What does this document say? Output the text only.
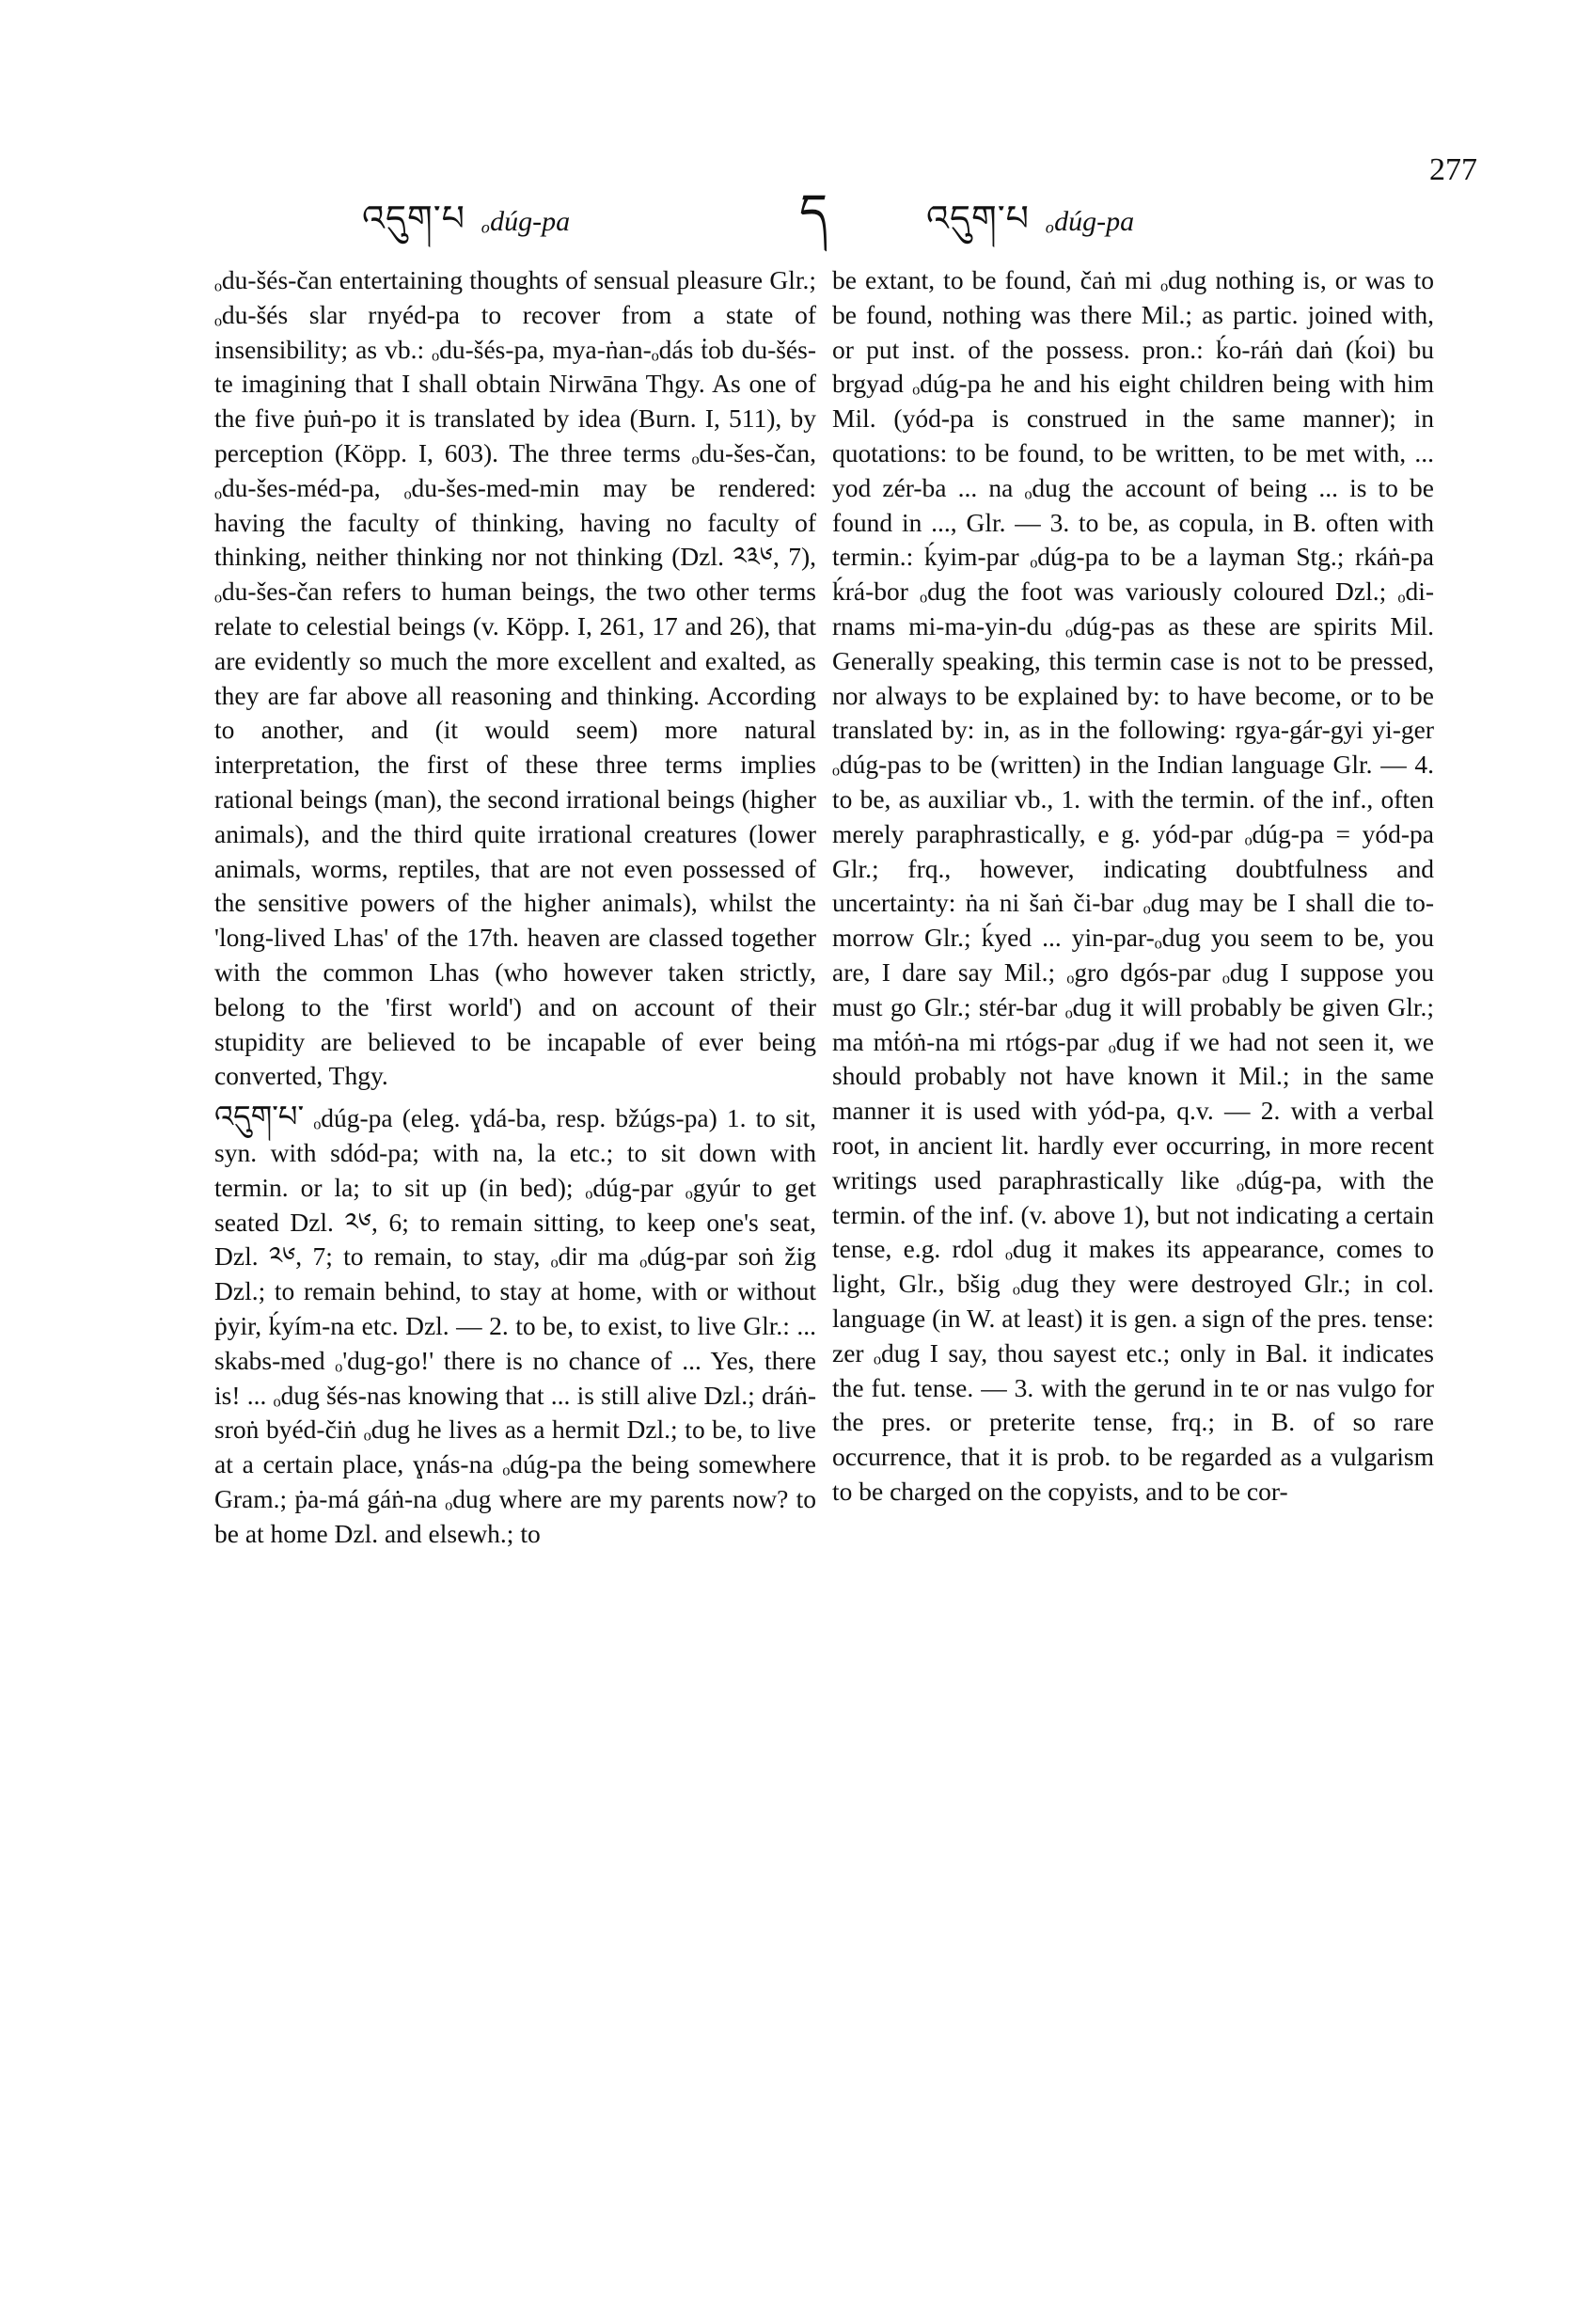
འདུག་པ ₒdúg-pa	ད	འདུག་པ ₒdúg-pa
277

ₒdu-šés-čan entertaining thoughts of sensual pleasure Glr.; ₒdu-šés slar rnyéd-pa to recover from a state of insensibility; as vb.: ₒdu-šés-pa, mya-ṅan-ₒdás ṫob du-šés-te imagining that I shall obtain Nirwāna Thgy. As one of the five ṗuṅ-po it is translated by idea (Burn. I, 511), by perception (Köpp. I, 603). The three terms ₒdu-šes-čan, ₒdu-šes-méd-pa, ₒdu-šes-med-min may be rendered: having the faculty of thinking, having no faculty of thinking, neither thinking nor not thinking (Dzl. ༢༣༦, 7), ₒdu-šes-čan refers to human beings, the two other terms relate to celestial beings (v. Köpp. I, 261, 17 and 26), that are evidently so much the more excellent and exalted, as they are far above all reasoning and thinking. According to another, and (it would seem) more natural interpretation, the first of these three terms implies rational beings (man), the second irrational beings (higher animals), and the third quite irrational creatures (lower animals, worms, reptiles, that are not even possessed of the sensitive powers of the higher animals), whilst the 'long-lived Lhas' of the 17th. heaven are classed together with the common Lhas (who however taken strictly, belong to the 'first world') and on account of their stupidity are believed to be incapable of ever being converted, Thgy.

འདུག་པ་ ₒdúg-pa (eleg. ɣdá-ba, resp. bžúgs-pa) 1. to sit, syn. with sdód-pa; with na, la etc.; to sit down with termin. or la; to sit up (in bed); ₒdúg-par ₒgyúr to get seated Dzl. ༢༦, 6; to remain sitting, to keep one's seat, Dzl. ༢༦, 7; to remain, to stay, ₒdir ma ₒdúg-par soṅ žig Dzl.; to remain behind, to stay at home, with or without ṗyir, ḱyím-na etc. Dzl. — 2. to be, to exist, to live Glr.: ... skabs-med ₒ'dug-go!' there is no chance of ... Yes, there is! ... ₒdug šés-nas knowing that ... is still alive Dzl.; dráṅ-sroṅ byéd-čiṅ ₒdug he lives as a hermit Dzl.; to be, to live at a certain place, ɣnás-na ₒdúg-pa the being somewhere Gram.; ṗa-má gáṅ-na ₒdug where are my parents now? to be at home Dzl. and elsewh.; to

be extant, to be found, čaṅ mi ₒdug nothing is, or was to be found, nothing was there Mil.; as partic. joined with, or put inst. of the possess. pron.: ḱo-ráṅ daṅ (ḱoi) bu brgyad ₒdúg-pa he and his eight children being with him Mil. (yód-pa is construed in the same manner); in quotations: to be found, to be written, to be met with, ... yod zér-ba ... na ₒdug the account of being ... is to be found in ..., Glr. — 3. to be, as copula, in B. often with termin.: ḱyim-par ₒdúg-pa to be a layman Stg.; rkáṅ-pa ḱrá-bor ₒdug the foot was variously coloured Dzl.; ₒdi-rnams mi-ma-yin-du ₒdúg-pas as these are spirits Mil. Generally speaking, this termin case is not to be pressed, nor always to be explained by: to have become, or to be translated by: in, as in the following: rgya-gár-gyi yi-ger ₒdúg-pas to be (written) in the Indian language Glr. — 4. to be, as auxiliar vb., 1. with the termin. of the inf., often merely paraphrastically, e g. yód-par ₒdúg-pa = yód-pa Glr.; frq., however, indicating doubtfulness and uncertainty: ṅa ni šaṅ či-bar ₒdug may be I shall die to-morrow Glr.; ḱyed ... yin-par-ₒdug you seem to be, you are, I dare say Mil.; ₒgro dgós-par ₒdug I suppose you must go Glr.; stér-bar ₒdug it will probably be given Glr.; ma mṫóṅ-na mi rtógs-par ₒdug if we had not seen it, we should probably not have known it Mil.; in the same manner it is used with yód-pa, q.v. — 2. with a verbal root, in ancient lit. hardly ever occurring, in more recent writings used paraphrastically like ₒdúg-pa, with the termin. of the inf. (v. above 1), but not indicating a certain tense, e.g. rdol ₒdug it makes its appearance, comes to light, Glr., bšig ₒdug they were destroyed Glr.; in col. language (in W. at least) it is gen. a sign of the pres. tense: zer ₒdug I say, thou sayest etc.; only in Bal. it indicates the fut. tense. — 3. with the gerund in te or nas vulgo for the pres. or preterite tense, frq.; in B. of so rare occurrence, that it is prob. to be regarded as a vulgarism to be charged on the copyists, and to be cor-
